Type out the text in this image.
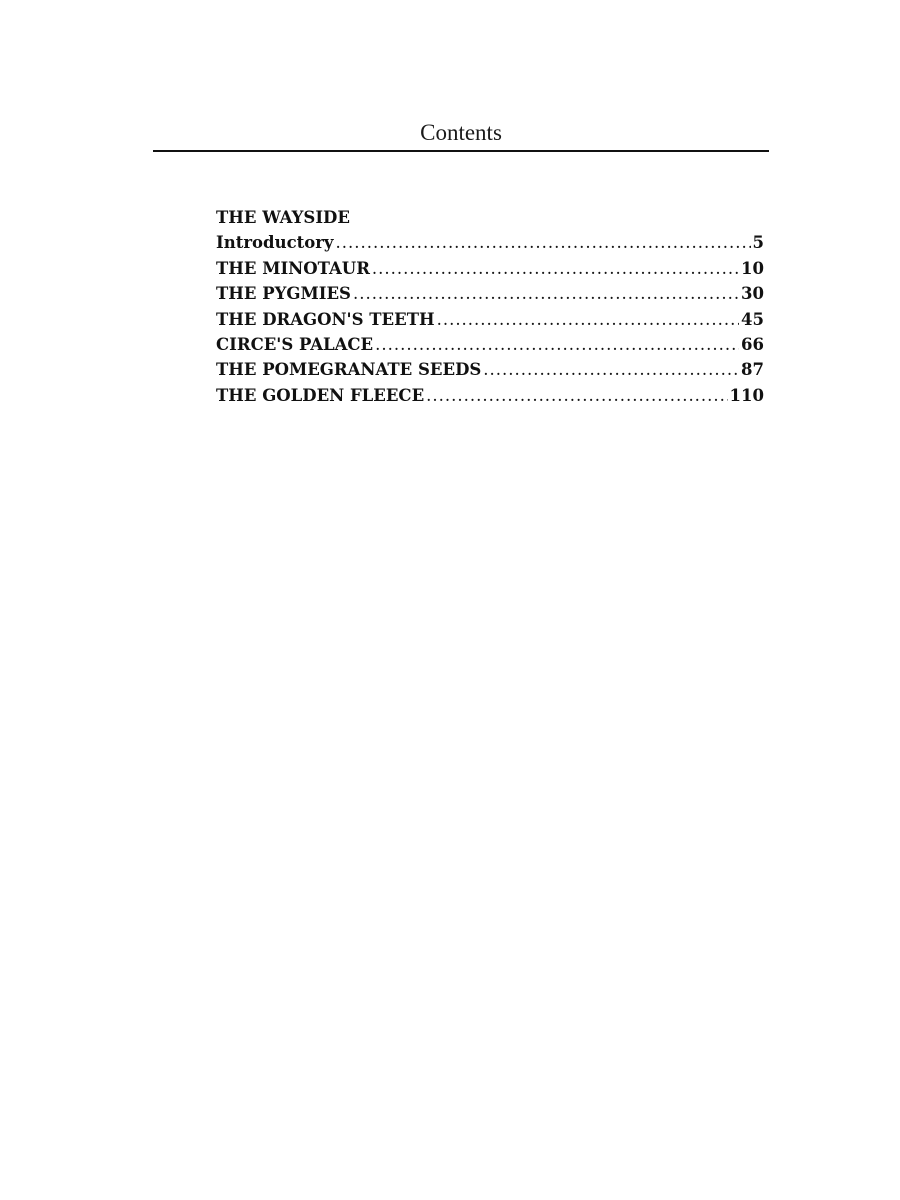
Contents
THE WAYSIDE
Introductory .....	5
THE MINOTAUR .....	10
THE PYGMIES .....	30
THE DRAGON'S TEETH .....	45
CIRCE'S PALACE .....	66
THE POMEGRANATE SEEDS .....	87
THE GOLDEN FLEECE .....	110
